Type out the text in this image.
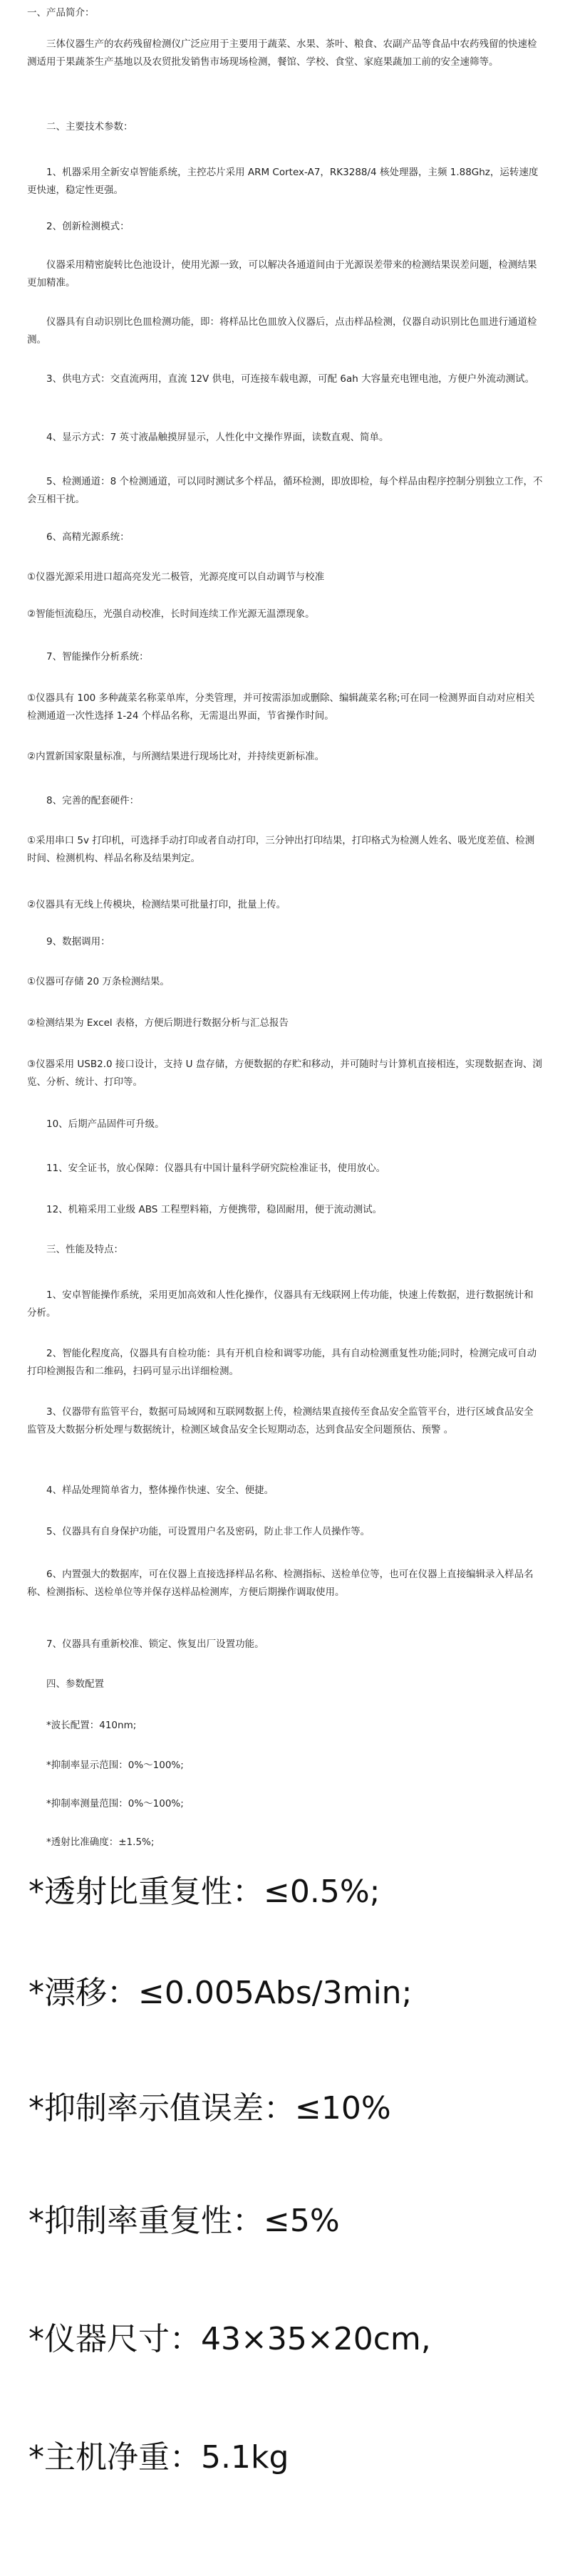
一、产品简介：

三体仪器生产的农药残留检测仪广泛应用于主要用于蔬菜、水果、茶叶、粮食、农副产品等食品中农药残留的快速检测适用于果蔬茶生产基地以及农贸批发销售市场现场检测，餐馆、学校、食堂、家庭果蔬加工前的安全速筛等。

二、主要技术参数：

1、机器采用全新安卓智能系统，主控芯片采用 ARM Cortex-A7，RK3288/4 核处理器，主频 1.88Ghz，运转速度更快速，稳定性更强。

2、创新检测模式：

仪器采用精密旋转比色池设计，使用光源一致，可以解决各通道间由于光源误差带来的检测结果误差问题，检测结果更加精准。

仪器具有自动识别比色皿检测功能，即：将样品比色皿放入仪器后，点击样品检测，仪器自动识别比色皿进行通道检测。

3、供电方式：交直流两用，直流 12V 供电，可连接车载电源，可配 6ah 大容量充电锂电池，方便户外流动测试。

4、显示方式：7 英寸液晶触摸屏显示，人性化中文操作界面，读数直观、简单。

5、检测通道：8 个检测通道，可以同时测试多个样品，循环检测，即放即检，每个样品由程序控制分别独立工作，不会互相干扰。

6、高精光源系统：

①仪器光源采用进口超高亮发光二极管，光源亮度可以自动调节与校准

②智能恒流稳压，光强自动校准，长时间连续工作光源无温漂现象。

7、智能操作分析系统：

①仪器具有 100 多种蔬菜名称菜单库，分类管理，并可按需添加或删除、编辑蔬菜名称;可在同一检测界面自动对应相关检测通道一次性选择 1-24 个样品名称，无需退出界面，节省操作时间。

②内置新国家限量标准，与所测结果进行现场比对，并持续更新标准。

8、完善的配套硬件：

①采用串口 5v 打印机，可选择手动打印或者自动打印，三分钟出打印结果，打印格式为检测人姓名、吸光度差值、检测时间、检测机构、样品名称及结果判定。

②仪器具有无线上传模块，检测结果可批量打印，批量上传。

9、数据调用：

①仪器可存储 20 万条检测结果。

②检测结果为 Excel 表格，方便后期进行数据分析与汇总报告

③仪器采用 USB2.0 接口设计，支持 U 盘存储，方便数据的存贮和移动，并可随时与计算机直接相连，实现数据查询、浏览、分析、统计、打印等。

10、后期产品固件可升级。

11、安全证书，放心保障：仪器具有中国计量科学研究院检准证书，使用放心。

12、机箱采用工业级 ABS 工程塑料箱，方便携带，稳固耐用，便于流动测试。

三、性能及特点：

1、安卓智能操作系统，采用更加高效和人性化操作，仪器具有无线联网上传功能，快速上传数据，进行数据统计和分析。

2、智能化程度高，仪器具有自检功能：具有开机自检和调零功能，具有自动检测重复性功能;同时，检测完成可自动打印检测报告和二维码，扫码可显示出详细检测。

3、仪器带有监管平台，数据可局域网和互联网数据上传，检测结果直接传至食品安全监管平台，进行区域食品安全监管及大数据分析处理与数据统计，检测区域食品安全长短期动态，达到食品安全问题预估、预警 。

4、样品处理简单省力，整体操作快速、安全、便捷。

5、仪器具有自身保护功能，可设置用户名及密码，防止非工作人员操作等。

6、内置强大的数据库，可在仪器上直接选择样品名称、检测指标、送检单位等，也可在仪器上直接编辑录入样品名称、检测指标、送检单位等并保存送样品检测库，方便后期操作调取使用。

7、仪器具有重新校准、锁定、恢复出厂设置功能。

四、参数配置

*波长配置：410nm;

*抑制率显示范围：0%～100%;

*抑制率测量范围：0%～100%;

*透射比准确度：±1.5%;

*透射比重复性：≤0.5%;

*漂移：≤0.005Abs/3min;

*抑制率示值误差：≤10%

*抑制率重复性：≤5%

*仪器尺寸：43×35×20cm,

*主机净重：5.1kg
